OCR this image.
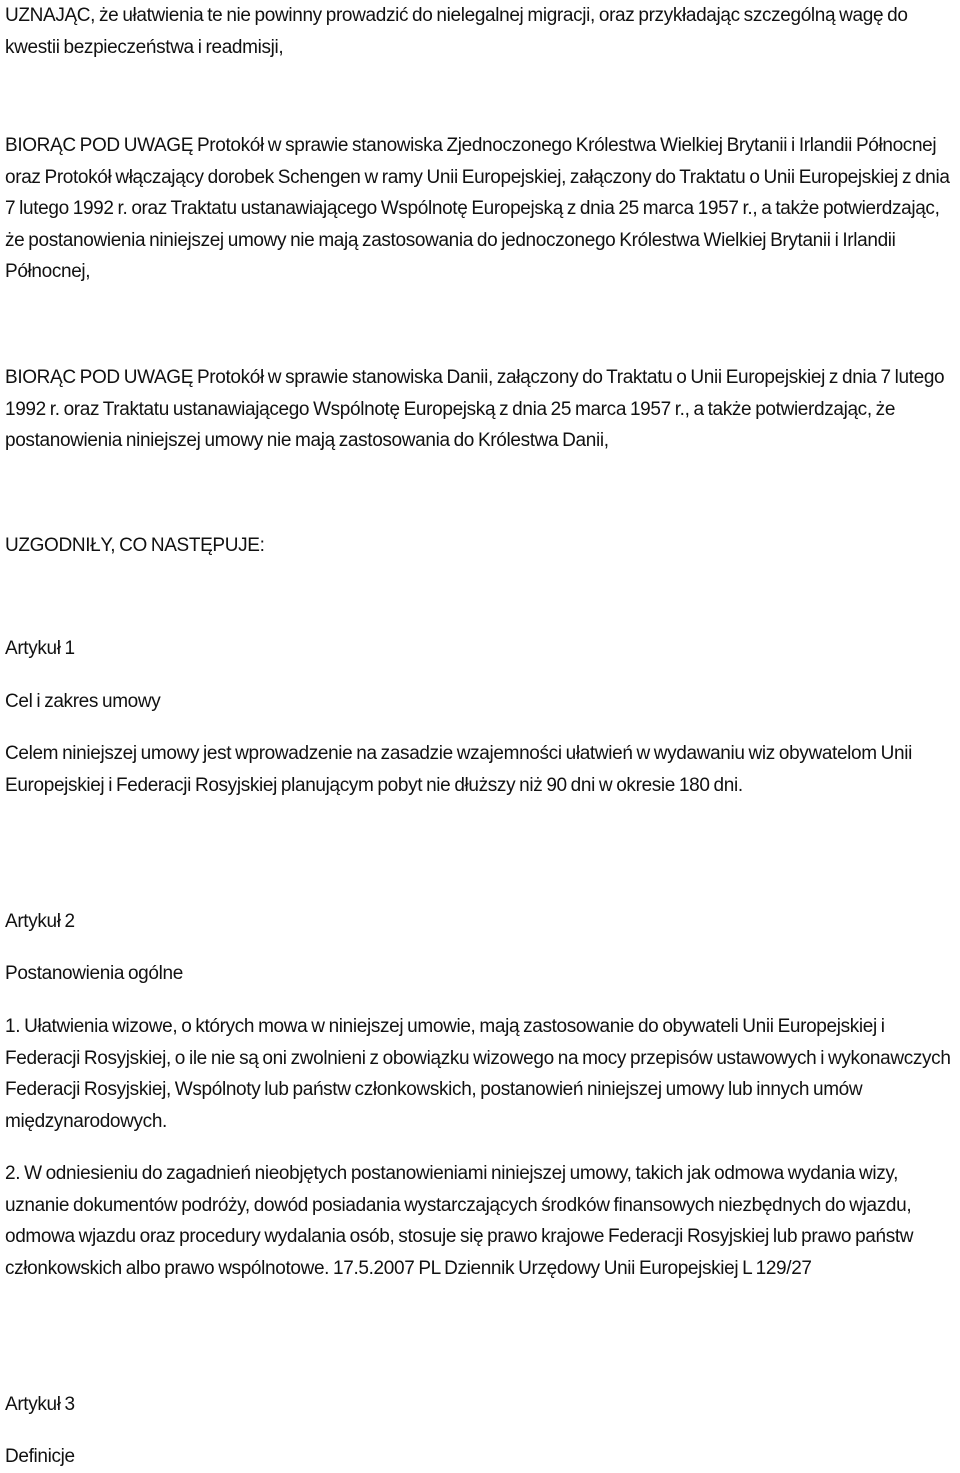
UZNAJĄC, że ułatwienia te nie powinny prowadzić do nielegalnej migracji, oraz przykładając szczególną wagę do kwestii bezpieczeństwa i readmisji,

BIORĄC POD UWAGĘ Protokół w sprawie stanowiska Zjednoczonego Królestwa Wielkiej Brytanii i Irlandii Północnej oraz Protokół włączający dorobek Schengen w ramy Unii Europejskiej, załączony do Traktatu o Unii Europejskiej z dnia 7 lutego 1992 r. oraz Traktatu ustanawiającego Wspólnotę Europejską z dnia 25 marca 1957 r., a także potwierdzając, że postanowienia niniejszej umowy nie mają zastosowania do jednoczonego Królestwa Wielkiej Brytanii i Irlandii Północnej,

BIORĄC POD UWAGĘ Protokół w sprawie stanowiska Danii, załączony do Traktatu o Unii Europejskiej z dnia 7 lutego 1992 r. oraz Traktatu ustanawiającego Wspólnotę Europejską z dnia 25 marca 1957 r., a także potwierdzając, że postanowienia niniejszej umowy nie mają zastosowania do Królestwa Danii,

UZGODNIŁY, CO NASTĘPUJE:

Artykuł 1

Cel i zakres umowy

Celem niniejszej umowy jest wprowadzenie na zasadzie wzajemności ułatwień w wydawaniu wiz obywatelom Unii Europejskiej i Federacji Rosyjskiej planującym pobyt nie dłuższy niż 90 dni w okresie 180 dni.

Artykuł 2

Postanowienia ogólne

1. Ułatwienia wizowe, o których mowa w niniejszej umowie, mają zastosowanie do obywateli Unii Europejskiej i Federacji Rosyjskiej, o ile nie są oni zwolnieni z obowiązku wizowego na mocy przepisów ustawowych i wykonawczych Federacji Rosyjskiej, Wspólnoty lub państw członkowskich, postanowień niniejszej umowy lub innych umów międzynarodowych.

2. W odniesieniu do zagadnień nieobjętych postanowieniami niniejszej umowy, takich jak odmowa wydania wizy, uznanie dokumentów podróży, dowód posiadania wystarczających środków finansowych niezbędnych do wjazdu, odmowa wjazdu oraz procedury wydalania osób, stosuje się prawo krajowe Federacji Rosyjskiej lub prawo państw członkowskich albo prawo wspólnotowe. 17.5.2007 PL Dziennik Urzędowy Unii Europejskiej L 129/27

Artykuł 3

Definicje
